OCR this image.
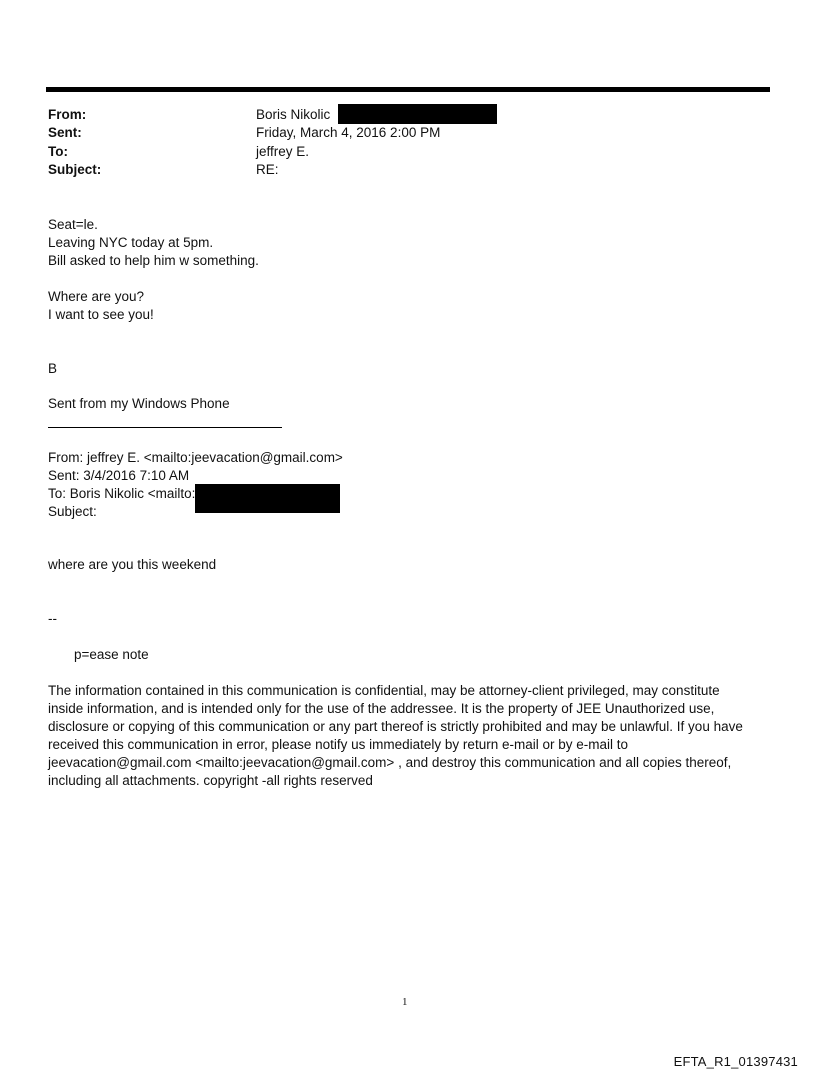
From:	Boris Nikolic
Sent:	Friday, March 4, 2016 2:00 PM
To:	jeffrey E.
Subject:	RE:
Seat=le.
Leaving NYC today at 5pm.
Bill asked to help him w something.
Where are you?
I want to see you!
B
Sent from my Windows Phone
From: jeffrey E. <mailto:jeevacation@gmail.com>
Sent: 3/4/2016 7:10 AM
To: Boris Nikolic <mailto:
Subject:
where are you this weekend
--
p=ease note
The information contained in this communication is confidential, may be attorney-client privileged, may constitute
inside information, and is intended only for the use of the addressee. It is the property of JEE Unauthorized use,
disclosure or copying of this communication or any part thereof is strictly prohibited and may be unlawful. If you have
received this communication in error, please notify us immediately by return e-mail or by e-mail to
jeevacation@gmail.com <mailto:jeevacation@gmail.com> , and destroy this communication and all copies thereof,
including all attachments. copyright -all rights reserved
1
EFTA_R1_01397431
